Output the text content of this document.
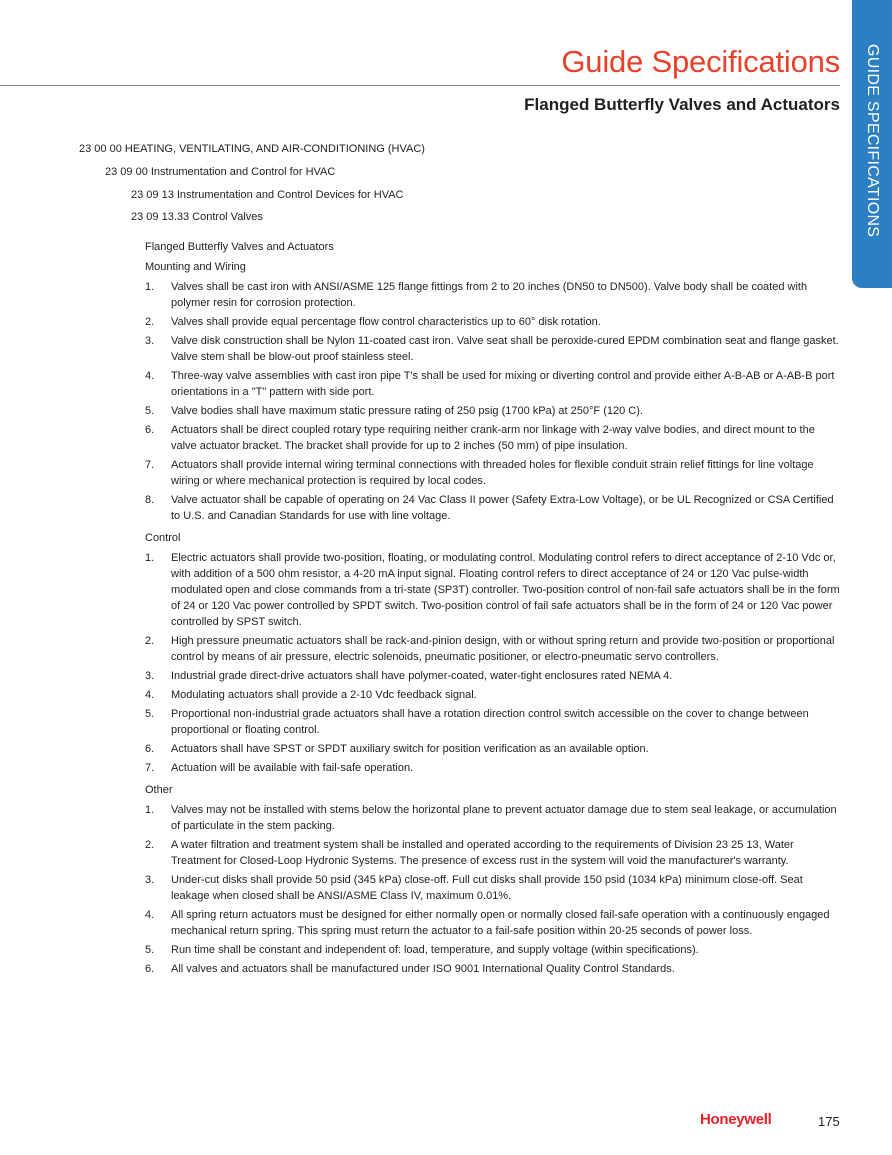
GUIDE SPECIFICATIONS
Guide Specifications
Flanged Butterfly Valves and Actuators
23 00 00 HEATING, VENTILATING, AND AIR-CONDITIONING (HVAC)
23 09 00 Instrumentation and Control for HVAC
23 09 13 Instrumentation and Control Devices for HVAC
23 09 13.33 Control Valves
Flanged Butterfly Valves and Actuators
Mounting and Wiring
1. Valves shall be cast iron with ANSI/ASME 125 flange fittings from 2 to 20 inches (DN50 to DN500). Valve body shall be coated with polymer resin for corrosion protection.
2. Valves shall provide equal percentage flow control characteristics up to 60° disk rotation.
3. Valve disk construction shall be Nylon 11-coated cast iron. Valve seat shall be peroxide-cured EPDM combination seat and flange gasket. Valve stem shall be blow-out proof stainless steel.
4. Three-way valve assemblies with cast iron pipe T's shall be used for mixing or diverting control and provide either A-B-AB or A-AB-B port orientations in a "T" pattern with side port.
5. Valve bodies shall have maximum static pressure rating of 250 psig (1700 kPa) at 250°F (120 C).
6. Actuators shall be direct coupled rotary type requiring neither crank-arm nor linkage with 2-way valve bodies, and direct mount to the valve actuator bracket. The bracket shall provide for up to 2 inches (50 mm) of pipe insulation.
7. Actuators shall provide internal wiring terminal connections with threaded holes for flexible conduit strain relief fittings for line voltage wiring or where mechanical protection is required by local codes.
8. Valve actuator shall be capable of operating on 24 Vac Class II power (Safety Extra-Low Voltage), or be UL Recognized or CSA Certified to U.S. and Canadian Standards for use with line voltage.
Control
1. Electric actuators shall provide two-position, floating, or modulating control. Modulating control refers to direct acceptance of 2-10 Vdc or, with addition of a 500 ohm resistor, a 4-20 mA input signal. Floating control refers to direct acceptance of 24 or 120 Vac pulse-width modulated open and close commands from a tri-state (SP3T) controller. Two-position control of non-fail safe actuators shall be in the form of 24 or 120 Vac power controlled by SPDT switch. Two-position control of fail safe actuators shall be in the form of 24 or 120 Vac power controlled by SPST switch.
2. High pressure pneumatic actuators shall be rack-and-pinion design, with or without spring return and provide two-position or proportional control by means of air pressure, electric solenoids, pneumatic positioner, or electro-pneumatic servo controllers.
3. Industrial grade direct-drive actuators shall have polymer-coated, water-tight enclosures rated NEMA 4.
4. Modulating actuators shall provide a 2-10 Vdc feedback signal.
5. Proportional non-industrial grade actuators shall have a rotation direction control switch accessible on the cover to change between proportional or floating control.
6. Actuators shall have SPST or SPDT auxiliary switch for position verification as an available option.
7. Actuation will be available with fail-safe operation.
Other
1. Valves may not be installed with stems below the horizontal plane to prevent actuator damage due to stem seal leakage, or accumulation of particulate in the stem packing.
2. A water filtration and treatment system shall be installed and operated according to the requirements of Division 23 25 13, Water Treatment for Closed-Loop Hydronic Systems. The presence of excess rust in the system will void the manufacturer's warranty.
3. Under-cut disks shall provide 50 psid (345 kPa) close-off. Full cut disks shall provide 150 psid (1034 kPa) minimum close-off. Seat leakage when closed shall be ANSI/ASME Class IV, maximum 0.01%.
4. All spring return actuators must be designed for either normally open or normally closed fail-safe operation with a continuously engaged mechanical return spring. This spring must return the actuator to a fail-safe position within 20-25 seconds of power loss.
5. Run time shall be constant and independent of: load, temperature, and supply voltage (within specifications).
6. All valves and actuators shall be manufactured under ISO 9001 International Quality Control Standards.
Honeywell	175
